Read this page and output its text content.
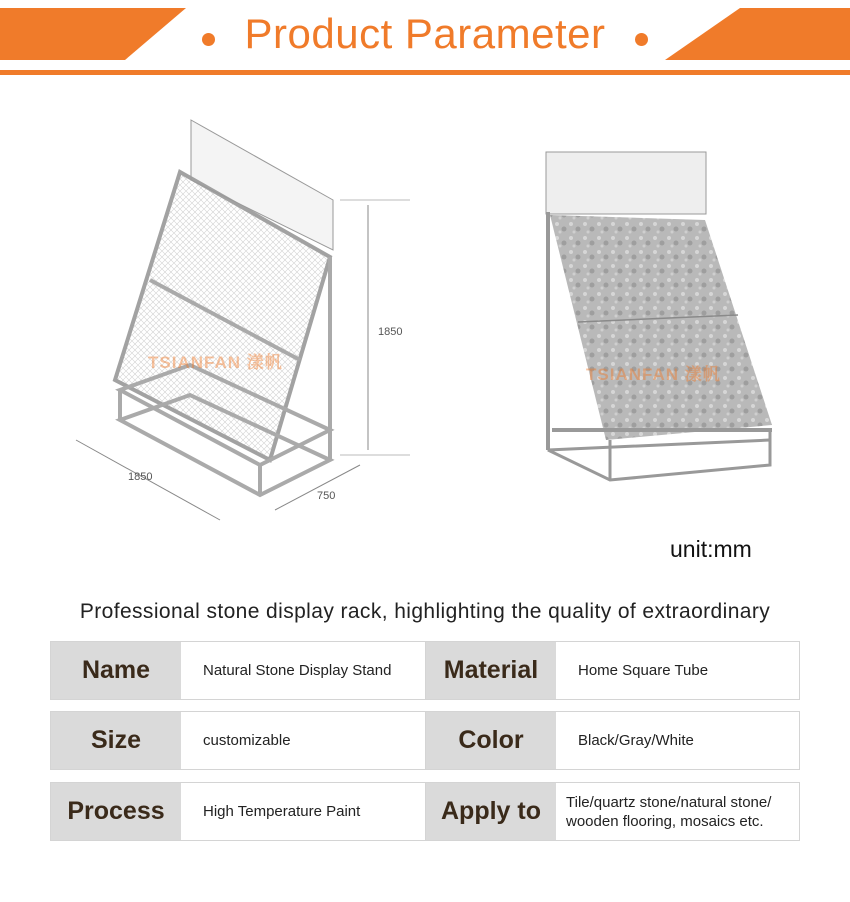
Product Parameter
1850
1850
750
TSIANFAN 漾帆
TSIANFAN 漾帆
unit:mm
Professional stone display rack, highlighting the quality of extraordinary
Name	Natural Stone Display Stand	Material	Home Square Tube
Size	customizable	Color	Black/Gray/White
Process	High Temperature Paint	Apply to	Tile/quartz stone/natural stone/ wooden flooring, mosaics etc.
